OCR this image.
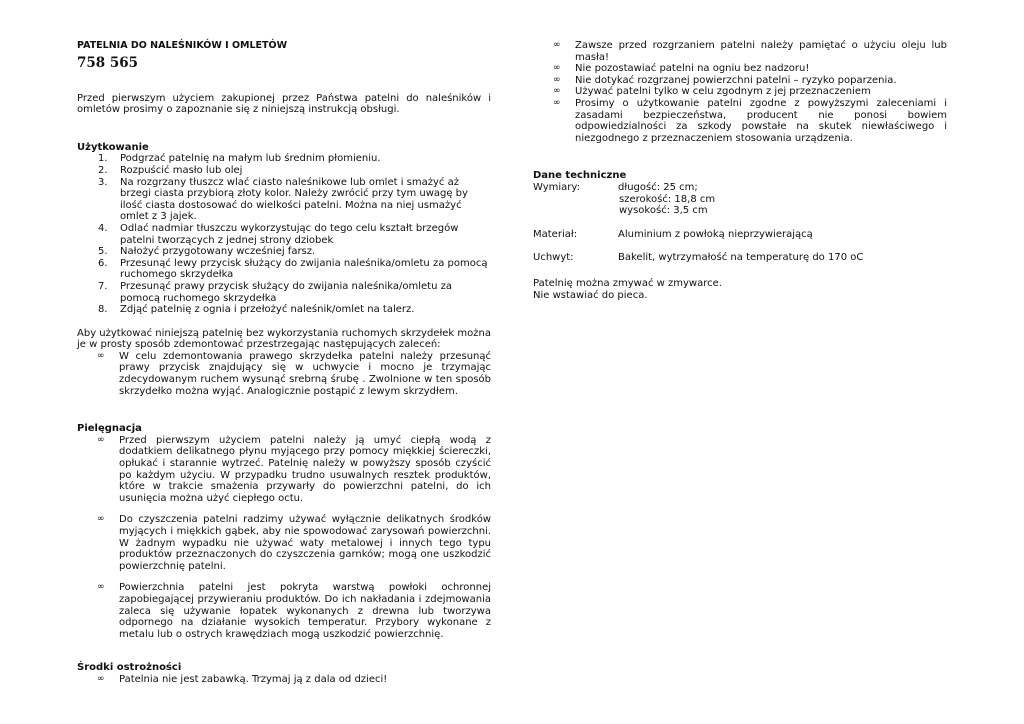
PATELNIA DO NALEŚNIKÓW I OMLETÓW

758 565

Przed pierwszym użyciem zakupionej przez Państwa patelni do naleśników i omletów prosimy o zapoznanie się z niniejszą instrukcją obsługi.

Użytkowanie
1. Podgrzać patelnię na małym lub średnim płomieniu.
2. Rozpuścić masło lub olej
3. Na rozgrzany tłuszcz wlać ciasto naleśnikowe lub omlet i smażyć aż brzegi ciasta przybiorą złoty kolor. Należy zwrócić przy tym uwagę by ilość ciasta dostosować do wielkości patelni. Można na niej usmażyć omlet z 3 jajek.
4. Odlać nadmiar tłuszczu wykorzystując do tego celu kształt brzegów patelni tworzących z jednej strony dziobek
5. Nałożyć przygotowany wcześniej farsz.
6. Przesunąć lewy przycisk służący do zwijania naleśnika/omletu za pomocą ruchomego skrzydełka
7. Przesunąć prawy przycisk służący do zwijania naleśnika/omletu za pomocą ruchomego skrzydełka
8. Zdjąć patelnię z ognia i przełożyć naleśnik/omlet na talerz.

Aby użytkować niniejszą patelnię bez wykorzystania ruchomych skrzydełek można je w prosty sposób zdemontować przestrzegając następujących zaleceń:

∞ W celu zdemontowania prawego skrzydełka patelni należy przesunąć prawy przycisk znajdujący się w uchwycie i mocno je trzymając zdecydowanym ruchem wysunąć srebrną śrubę . Zwolnione w ten sposób skrzydełko można wyjąć. Analogicznie postąpić z lewym skrzydłem.
Pielęgnacja
∞ Przed pierwszym użyciem patelni należy ją umyć ciepłą wodą z dodatkiem delikatnego płynu myjącego przy pomocy miękkiej ściereczki, opłukać i starannie wytrzeć. Patelnię należy w powyższy sposób czyścić po każdym użyciu. W przypadku trudno usuwalnych resztek produktów, które w trakcie smażenia przywarły do powierzchni patelni, do ich usunięcia można użyć ciepłego octu.
∞ Do czyszczenia patelni radzimy używać wyłącznie delikatnych środków myjących i miękkich gąbek, aby nie spowodować zarysowań powierzchni. W żadnym wypadku nie używać waty metalowej i innych tego typu produktów przeznaczonych do czyszczenia garnków; mogą one uszkodzić powierzchnię patelni.
∞ Powierzchnia patelni jest pokryta warstwą powłoki ochronnej zapobiegającej przywieraniu produktów. Do ich nakładania i zdejmowania zaleca się używanie łopatek wykonanych z drewna lub tworzywa odpornego na działanie wysokich temperatur. Przybory wykonane z metalu lub o ostrych krawędziach mogą uszkodzić powierzchnię.
Środki ostrożności
∞ Patelnia nie jest zabawką. Trzymaj ją z dala od dzieci!
∞ Zawsze przed rozgrzaniem patelni należy pamiętać o użyciu oleju lub masła!
∞ Nie pozostawiać patelni na ogniu bez nadzoru!
∞ Nie dotykać rozgrzanej powierzchni patelni – ryzyko poparzenia.
∞ Używać patelni tylko w celu zgodnym z jej przeznaczeniem
∞ Prosimy o użytkowanie patelni zgodne z powyższymi zaleceniami i zasadami bezpieczeństwa, producent nie ponosi bowiem odpowiedzialności za szkody powstałe na skutek niewłaściwego i niezgodnego z przeznaczeniem stosowania urządzenia.
Dane techniczne
Wymiary:	długość: 25 cm;
szerokość: 18,8 cm
wysokość: 3,5 cm
Materiał:	Aluminium z powłoką nieprzywierającą
Uchwyt:	Bakelit, wytrzymałość na temperaturę do 170 oC

Patelnię można zmywać w zmywarce.

Nie wstawiać do pieca.
